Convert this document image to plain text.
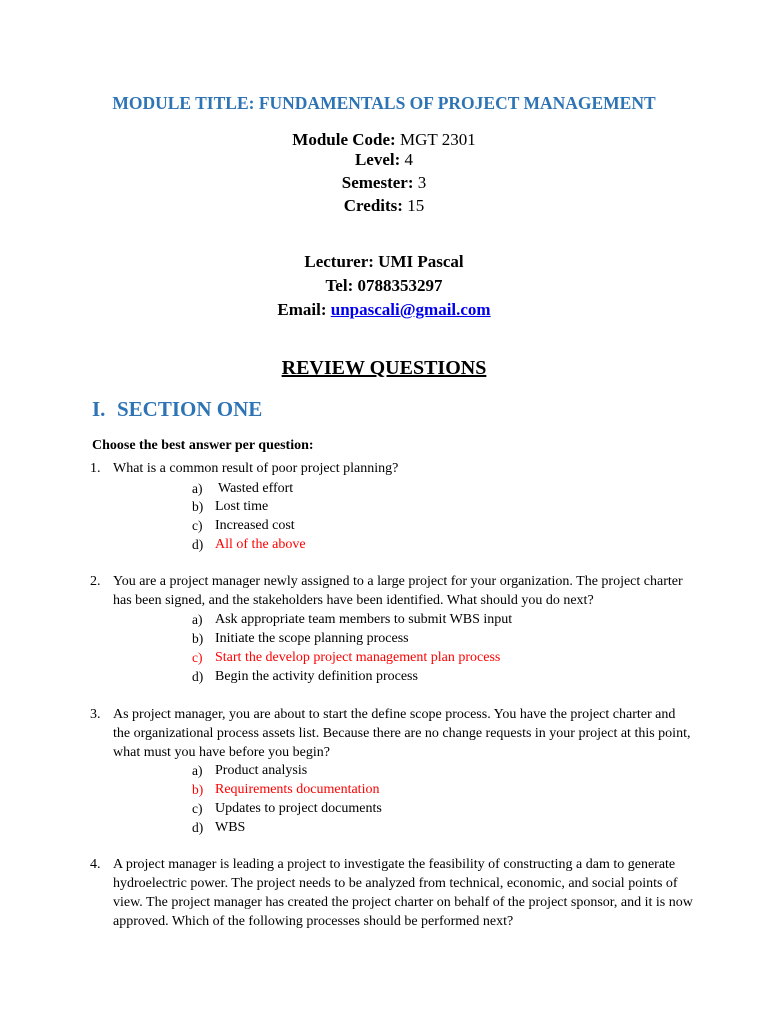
MODULE TITLE: FUNDAMENTALS OF PROJECT MANAGEMENT
Module Code: MGT 2301
Level: 4
Semester: 3
Credits: 15
Lecturer: UMI Pascal
Tel: 0788353297
Email: unpascali@gmail.com
REVIEW QUESTIONS
I. SECTION ONE
Choose the best answer per question:
1. What is a common result of poor project planning?
a) Wasted effort
b) Lost time
c) Increased cost
d) All of the above
2. You are a project manager newly assigned to a large project for your organization. The project charter
has been signed, and the stakeholders have been identified. What should you do next?
a) Ask appropriate team members to submit WBS input
b) Initiate the scope planning process
c) Start the develop project management plan process
d) Begin the activity definition process
3. As project manager, you are about to start the define scope process. You have the project charter and
the organizational process assets list. Because there are no change requests in your project at this point,
what must you have before you begin?
a) Product analysis
b) Requirements documentation
c) Updates to project documents
d) WBS
4. A project manager is leading a project to investigate the feasibility of constructing a dam to generate
hydroelectric power. The project needs to be analyzed from technical, economic, and social points of
view. The project manager has created the project charter on behalf of the project sponsor, and it is now
approved. Which of the following processes should be performed next?
